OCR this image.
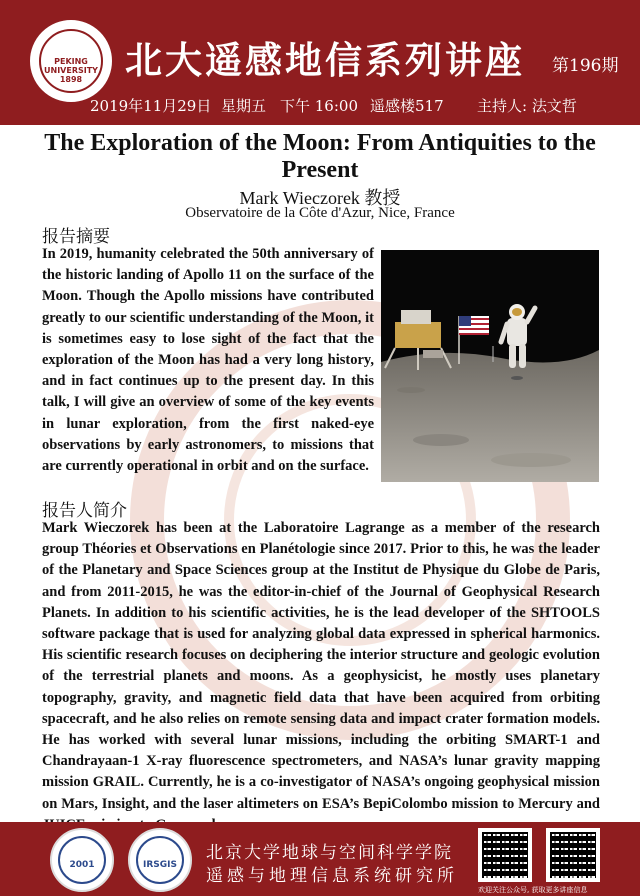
PEKING UNIVERSITY 1898	北大遥感地信系列讲座 第196期
2019年11月29日 星期五 下午 16:00 遥感楼517 主持人: 法文哲
The Exploration of the Moon: From Antiquities to the Present
Mark Wieczorek 教授
Observatoire de la Côte d'Azur, Nice, France
报告摘要
In 2019, humanity celebrated the 50th anniversary of the historic landing of Apollo 11 on the surface of the Moon. Though the Apollo missions have contributed greatly to our scientific understanding of the Moon, it is sometimes easy to lose sight of the fact that the exploration of the Moon has had a very long history, and in fact continues up to the present day. In this talk, I will give an overview of some of the key events in lunar exploration, from the first naked-eye observations by early astronomers, to missions that are currently operational in orbit and on the surface.
报告人简介
Mark Wieczorek has been at the Laboratoire Lagrange as a member of the research group Théories et Observations en Planétologie since 2017. Prior to this, he was the leader of the Planetary and Space Sciences group at the Institut de Physique du Globe de Paris, and from 2011-2015, he was the editor-in-chief of the Journal of Geophysical Research Planets. In addition to his scientific activities, he is the lead developer of the SHTOOLS software package that is used for analyzing global data expressed in spherical harmonics. His scientific research focuses on deciphering the interior structure and geologic evolution of the terrestrial planets and moons. As a geophysicist, he mostly uses planetary topography, gravity, and magnetic field data that have been acquired from orbiting spacecraft, and he also relies on remote sensing data and impact crater formation models. He has worked with several lunar missions, including the orbiting SMART-1 and Chandrayaan-1 X-ray fluorescence spectrometers, and NASA’s lunar gravity mapping mission GRAIL. Currently, he is a co-investigator of NASA’s ongoing geophysical mission on Mars, Insight, and the laser altimeters on ESA’s BepiColombo mission to Mercury and
2001	IRSGIS
北京大学地球与空间科学学院
遥感与地理信息系统研究所
欢迎关注公众号, 获取更多讲座信息
